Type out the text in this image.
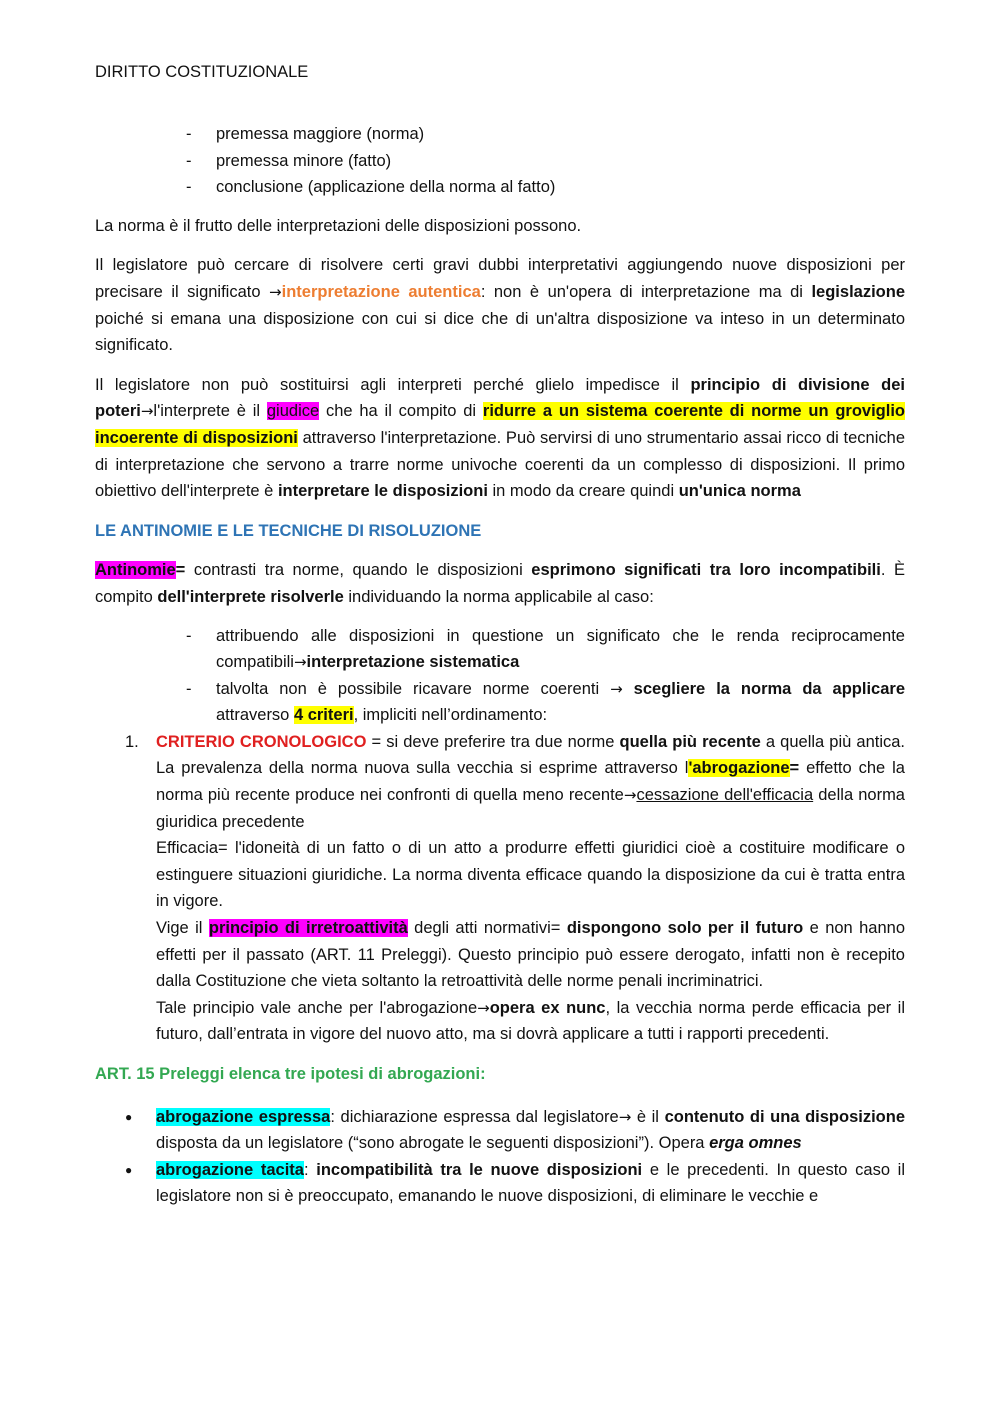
DIRITTO COSTITUZIONALE
- premessa maggiore (norma)
- premessa minore (fatto)
- conclusione (applicazione della norma al fatto)

La norma è il frutto delle interpretazioni delle disposizioni possono.

Il legislatore può cercare di risolvere certi gravi dubbi interpretativi aggiungendo nuove disposizioni per precisare il significato →interpretazione autentica: non è un'opera di interpretazione ma di legislazione poiché si emana una disposizione con cui si dice che di un'altra disposizione va inteso in un determinato significato.

Il legislatore non può sostituirsi agli interpreti perché glielo impedisce il principio di divisione dei poteri→l'interprete è il giudice che ha il compito di ridurre a un sistema coerente di norme un groviglio incoerente di disposizioni attraverso l'interpretazione. Può servirsi di uno strumentario assai ricco di tecniche di interpretazione che servono a trarre norme univoche coerenti da un complesso di disposizioni. Il primo obiettivo dell'interprete è interpretare le disposizioni in modo da creare quindi un'unica norma

LE ANTINOMIE E LE TECNICHE DI RISOLUZIONE

Antinomie= contrasti tra norme, quando le disposizioni esprimono significati tra loro incompatibili. È compito dell'interprete risolverle individuando la norma applicabile al caso:

- attribuendo alle disposizioni in questione un significato che le renda reciprocamente compatibili→interpretazione sistematica
- talvolta non è possibile ricavare norme coerenti → scegliere la norma da applicare attraverso 4 criteri, impliciti nell’ordinamento:
1. CRITERIO CRONOLOGICO = si deve preferire tra due norme quella più recente a quella più antica. La prevalenza della norma nuova sulla vecchia si esprime attraverso l'abrogazione= effetto che la norma più recente produce nei confronti di quella meno recente→cessazione dell'efficacia della norma giuridica precedente
Efficacia= l'idoneità di un fatto o di un atto a produrre effetti giuridici cioè a costituire modificare o estinguere situazioni giuridiche. La norma diventa efficace quando la disposizione da cui è tratta entra in vigore.
Vige il principio di irretroattività degli atti normativi= dispongono solo per il futuro e non hanno effetti per il passato (ART. 11 Preleggi). Questo principio può essere derogato, infatti non è recepito dalla Costituzione che vieta soltanto la retroattività delle norme penali incriminatrici.
Tale principio vale anche per l'abrogazione→opera ex nunc, la vecchia norma perde efficacia per il futuro, dall’entrata in vigore del nuovo atto, ma si dovrà applicare a tutti i rapporti precedenti.
ART. 15 Preleggi elenca tre ipotesi di abrogazioni:
● abrogazione espressa: dichiarazione espressa dal legislatore→ è il contenuto di una disposizione disposta da un legislatore (“sono abrogate le seguenti disposizioni”). Opera erga omnes
● abrogazione tacita: incompatibilità tra le nuove disposizioni e le precedenti. In questo caso il legislatore non si è preoccupato, emanando le nuove disposizioni, di eliminare le vecchie e
